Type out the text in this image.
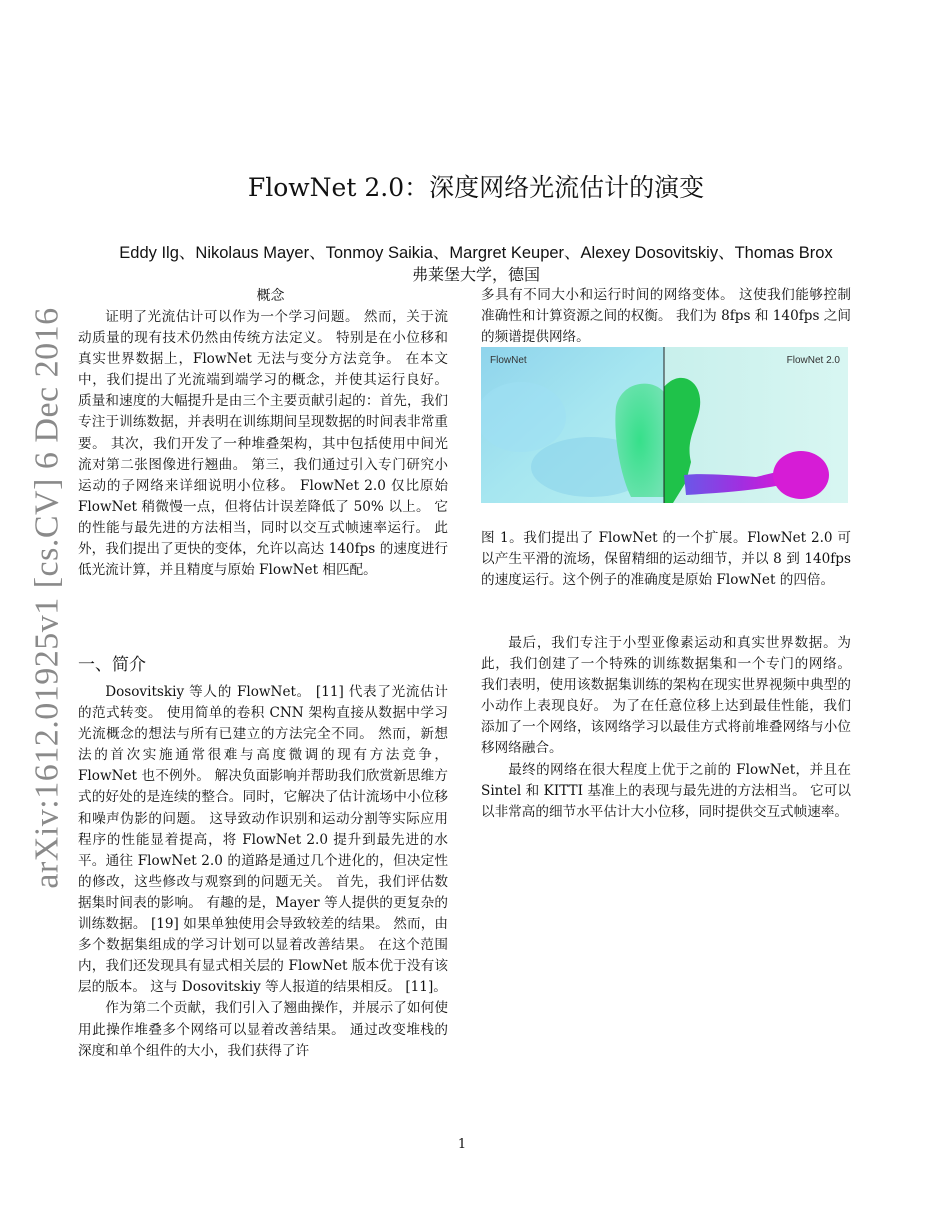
arXiv:1612.01925v1 [cs.CV] 6 Dec 2016
FlowNet 2.0：深度网络光流估计的演变
Eddy Ilg、Nikolaus Mayer、Tonmoy Saikia、Margret Keuper、Alexey Dosovitskiy、Thomas Brox
弗莱堡大学，德国
概念

证明了光流估计可以作为一个学习问题。 然而，关于流动质量的现有技术仍然由传统方法定义。 特别是在小位移和真实世界数据上，FlowNet 无法与变分方法竞争。 在本文中，我们提出了光流端到端学习的概念，并使其运行良好。 质量和速度的大幅提升是由三个主要贡献引起的：首先，我们专注于训练数据，并表明在训练期间呈现数据的时间表非常重要。 其次，我们开发了一种堆叠架构，其中包括使用中间光流对第二张图像进行翘曲。 第三，我们通过引入专门研究小运动的子网络来详细说明小位移。 FlowNet 2.0 仅比原始 FlowNet 稍微慢一点，但将估计误差降低了 50% 以上。 它的性能与最先进的方法相当，同时以交互式帧速率运行。 此外，我们提出了更快的变体，允许以高达 140fps 的速度进行低光流计算，并且精度与原始 FlowNet 相匹配。

一、简介

Dosovitskiy 等人的 FlowNet。 [11] 代表了光流估计的范式转变。 使用简单的卷积 CNN 架构直接从数据中学习光流概念的想法与所有已建立的方法完全不同。 然而，新想法的首次实施通常很难与高度微调的现有方法竞争，FlowNet 也不例外。 解决负面影响并帮助我们欣赏新思维方式的好处的是连续的整合。同时，它解决了估计流场中小位移和噪声伪影的问题。 这导致动作识别和运动分割等实际应用程序的性能显着提高，将 FlowNet 2.0 提升到最先进的水平。通往 FlowNet 2.0 的道路是通过几个进化的，但决定性的修改，这些修改与观察到的问题无关。 首先，我们评估数据集时间表的影响。 有趣的是，Mayer 等人提供的更复杂的训练数据。 [19] 如果单独使用会导致较差的结果。 然而，由多个数据集组成的学习计划可以显着改善结果。 在这个范围内，我们还发现具有显式相关层的 FlowNet 版本优于没有该层的版本。 这与 Dosovitskiy 等人报道的结果相反。 [11]。

作为第二个贡献，我们引入了翘曲操作，并展示了如何使用此操作堆叠多个网络可以显着改善结果。 通过改变堆栈的深度和单个组件的大小，我们获得了许

多具有不同大小和运行时间的网络变体。 这使我们能够控制准确性和计算资源之间的权衡。 我们为 8fps 和 140fps 之间的频谱提供网络。

FlowNet	FlowNet 2.0

图 1。我们提出了 FlowNet 的一个扩展。FlowNet 2.0 可以产生平滑的流场，保留精细的运动细节，并以 8 到 140fps 的速度运行。这个例子的准确度是原始 FlowNet 的四倍。

最后，我们专注于小型亚像素运动和真实世界数据。为此，我们创建了一个特殊的训练数据集和一个专门的网络。 我们表明，使用该数据集训练的架构在现实世界视频中典型的小动作上表现良好。 为了在任意位移上达到最佳性能，我们添加了一个网络，该网络学习以最佳方式将前堆叠网络与小位移网络融合。

最终的网络在很大程度上优于之前的 FlowNet，并且在 Sintel 和 KITTI 基准上的表现与最先进的方法相当。 它可以以非常高的细节水平估计大小位移，同时提供交互式帧速率。

1
